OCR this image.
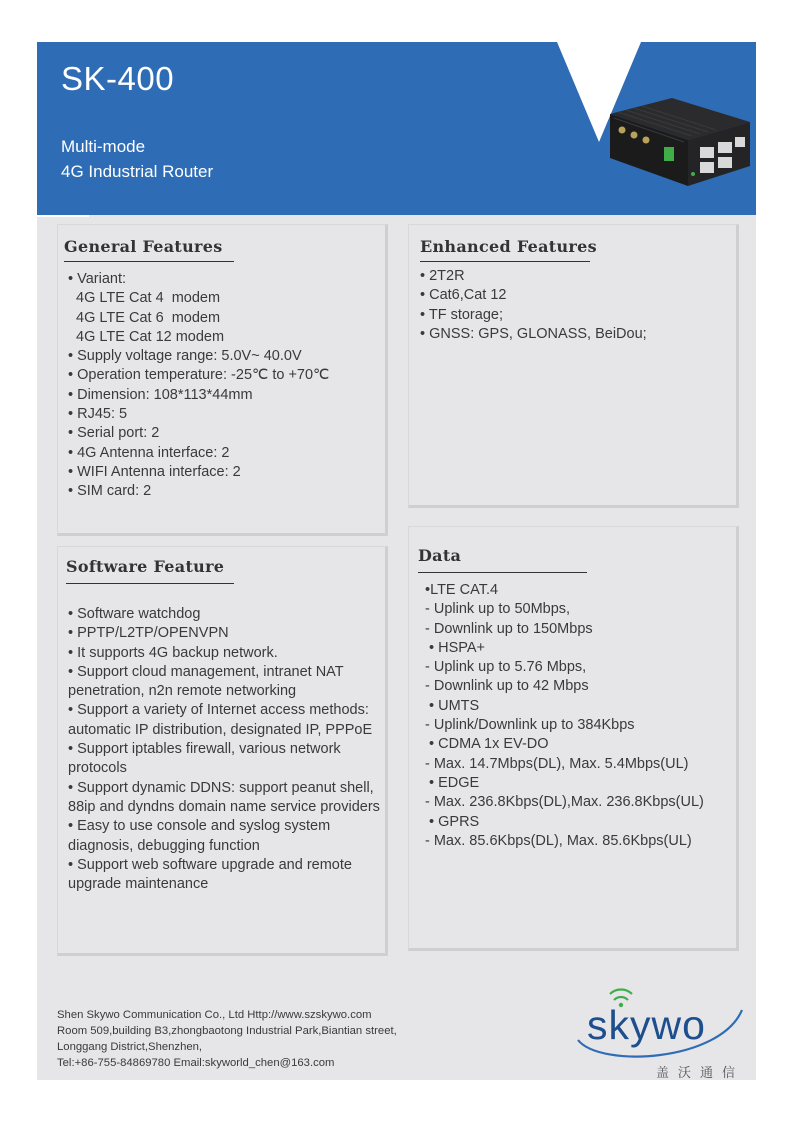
SK-400
Multi-mode
4G Industrial Router
General Features
• Variant:
4G LTE Cat 4  modem
4G LTE Cat 6  modem
4G LTE Cat 12 modem
• Supply voltage range: 5.0V~ 40.0V
• Operation temperature: -25℃ to +70℃
• Dimension: 108*113*44mm
• RJ45: 5
• Serial port: 2
• 4G Antenna interface: 2
• WIFI Antenna interface: 2
• SIM card: 2
Enhanced Features
• 2T2R
• Cat6,Cat 12
• TF storage;
• GNSS: GPS, GLONASS, BeiDou;
Software Feature
• Software watchdog
• PPTP/L2TP/OPENVPN
• It supports 4G backup network.
• Support cloud management, intranet NAT penetration, n2n remote networking
• Support a variety of Internet access methods: automatic IP distribution, designated IP, PPPoE
• Support iptables firewall, various network protocols
• Support dynamic DDNS: support peanut shell, 88ip and dyndns domain name service providers
• Easy to use console and syslog system diagnosis, debugging function
• Support web software upgrade and remote upgrade maintenance
Data
•LTE CAT.4
- Uplink up to 50Mbps,
- Downlink up to 150Mbps
• HSPA+
- Uplink up to 5.76 Mbps,
- Downlink up to 42 Mbps
• UMTS
- Uplink/Downlink up to 384Kbps
• CDMA 1x EV-DO
- Max. 14.7Mbps(DL), Max. 5.4Mbps(UL)
• EDGE
- Max. 236.8Kbps(DL),Max. 236.8Kbps(UL)
• GPRS
- Max. 85.6Kbps(DL), Max. 85.6Kbps(UL)
Shen Skywo Communication Co., Ltd Http://www.szskywo.com
Room 509,building B3,zhongbaotong Industrial Park,Biantian street,
Longgang District,Shenzhen,
Tel:+86-755-84869780 Email:skyworld_chen@163.com
skywo
盖沃通信
